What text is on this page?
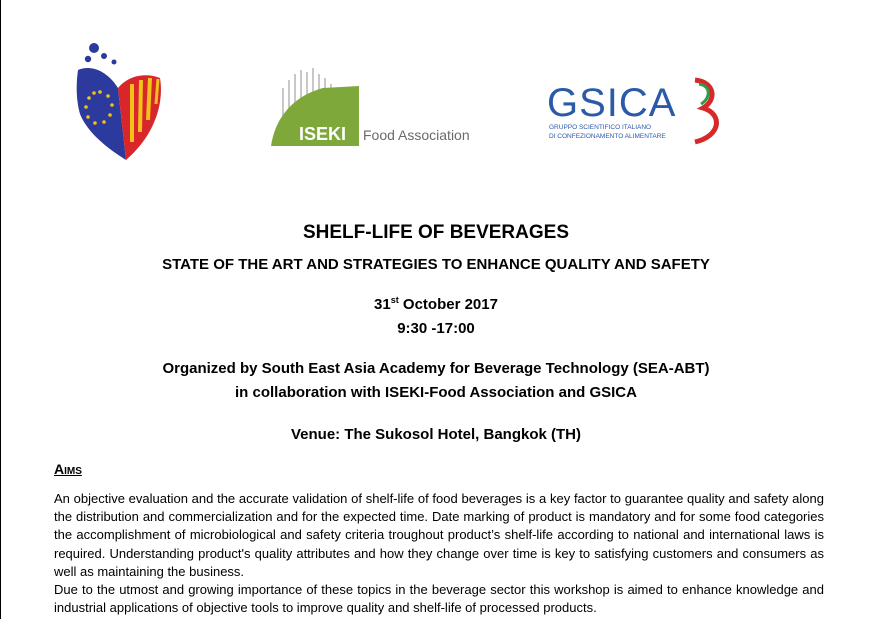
ISEKI Food Association
GSICA
GRUPPO SCIENTIFICO ITALIANO
DI CONFEZIONAMENTO ALIMENTARE
SHELF-LIFE OF BEVERAGES
STATE OF THE ART AND STRATEGIES TO ENHANCE QUALITY AND SAFETY
31st October 2017
9:30 -17:00
Organized by South East Asia Academy for Beverage Technology (SEA-ABT)
in collaboration with ISEKI-Food Association and GSICA
Venue: The Sukosol Hotel, Bangkok (TH)
Aims

An objective evaluation and the accurate validation of shelf-life of food beverages is a key factor to guarantee quality and safety along the distribution and commercialization and for the expected time. Date marking of product is mandatory and for some food categories the accomplishment of microbiological and safety criteria troughout product’s shelf-life according to national and international laws is required. Understanding product's quality attributes and how they change over time is key to satisfying customers and consumers as well as maintaining the business.

Due to the utmost and growing importance of these topics in the beverage sector this workshop is aimed to enhance knowledge and industrial applications of objective tools to improve quality and shelf-life of processed products.
